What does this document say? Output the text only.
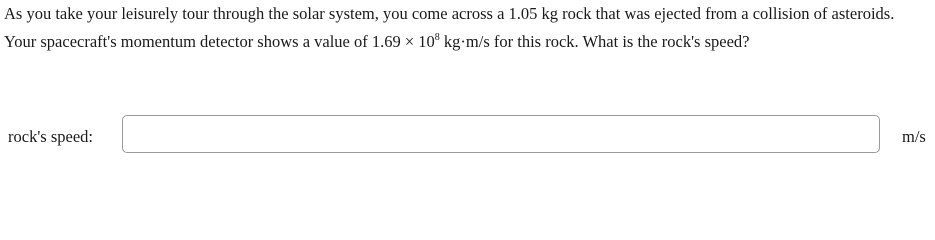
As you take your leisurely tour through the solar system, you come across a 1.05 kg rock that was ejected from a collision of asteroids. Your spacecraft's momentum detector shows a value of $1.69 \times 10^8$ kg·m/s for this rock. What is the rock's speed?

rock's speed:	m/s
